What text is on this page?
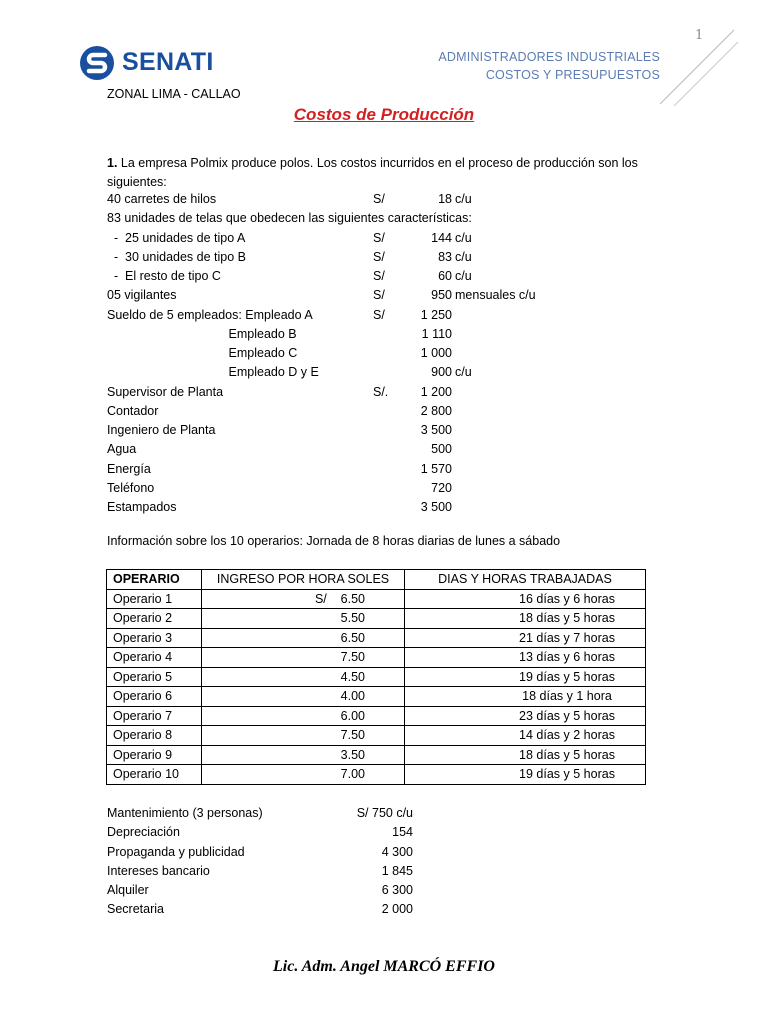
SENATI	ADMINISTRADORES INDUSTRIALES
COSTOS Y PRESUPUESTOS
1
ZONAL LIMA - CALLAO
Costos de Producción
1. La empresa Polmix produce polos. Los costos incurridos en el proceso de producción son los siguientes:
40 carretes de hilos	S/	18 c/u
83 unidades de telas que obedecen las siguientes características:
-  25 unidades de tipo A	S/	144 c/u
-  30 unidades de tipo B	S/	83 c/u
-  El resto de tipo C	S/	60 c/u
05 vigilantes	S/	950 mensuales c/u
Sueldo de 5 empleados: Empleado A	S/	1 250
Empleado B	1 110
Empleado C	1 000
Empleado D y E	900 c/u
Supervisor de Planta	S/.	1 200
Contador	2 800
Ingeniero de Planta	3 500
Agua	500
Energía	1 570
Teléfono	720
Estampados	3 500
Información sobre los 10 operarios: Jornada de 8 horas diarias de lunes a sábado
OPERARIO	INGRESO POR HORA SOLES	DIAS Y HORAS TRABAJADAS
Operario 1	S/    6.50	16 días y 6 horas
Operario 2	5.50	18 días y 5 horas
Operario 3	6.50	21 días y 7 horas
Operario 4	7.50	13 días y 6 horas
Operario 5	4.50	19 días y 5 horas
Operario 6	4.00	18 días y 1 hora
Operario 7	6.00	23 días y 5 horas
Operario 8	7.50	14 días y 2 horas
Operario 9	3.50	18 días y 5 horas
Operario 10	7.00	19 días y 5 horas
Mantenimiento (3 personas)	S/ 750 c/u
Depreciación	154
Propaganda y publicidad	4 300
Intereses bancario	1 845
Alquiler	6 300
Secretaria	2 000
Lic. Adm. Angel MARCÓ EFFIO
